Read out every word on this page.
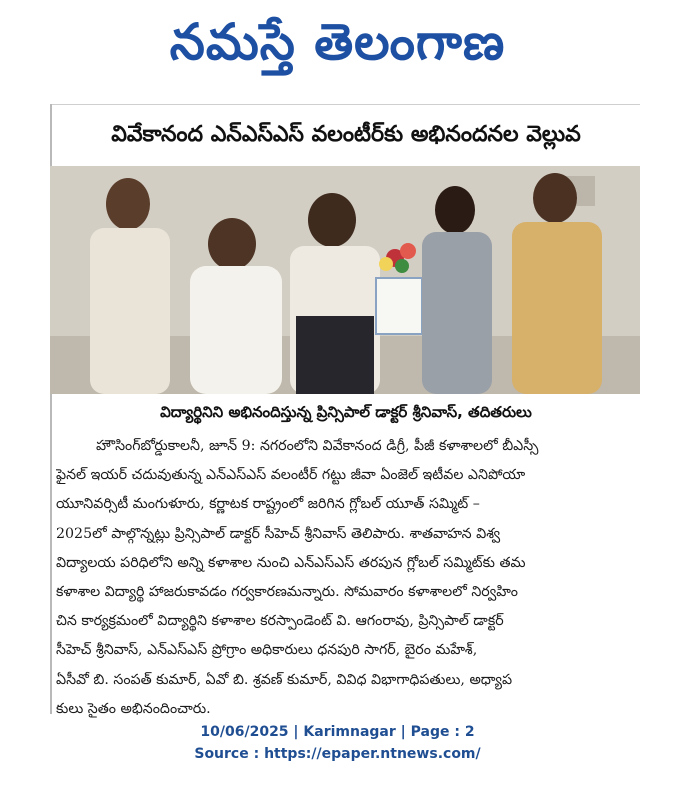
నమస్తే తెలంగాణ
వివేకానంద ఎన్ఎస్ఎస్ వలంటీర్‌కు అభినందనల వెల్లువ
విద్యార్థినిని అభినందిస్తున్న ప్రిన్సిపాల్ డాక్టర్ శ్రీనివాస్, తదితరులు
హౌసింగ్‌బోర్డుకాలనీ, జూన్ 9: నగరంలోని వివేకానంద డిగ్రీ, పీజీ కళాశాలలో బీఎస్సీ
ఫైనల్ ఇయర్ చదువుతున్న ఎన్ఎస్ఎస్ వలంటీర్ గట్టు జీవా ఏంజెల్ ఇటీవల ఎనిపోయా
యూనివర్సిటీ మంగుళూరు, కర్ణాటక రాష్ట్రంలో జరిగిన గ్లోబల్ యూత్ సమ్మిట్ –
2025లో పాల్గొన్నట్లు ప్రిన్సిపాల్ డాక్టర్ సీహెచ్ శ్రీనివాస్ తెలిపారు. శాతవాహన విశ్వ
విద్యాలయ పరిధిలోని అన్ని కళాశాల నుంచి ఎన్ఎస్ఎస్ తరపున గ్లోబల్ సమ్మిట్‌కు తమ
కళాశాల విద్యార్థి హాజరుకావడం గర్వకారణమన్నారు. సోమవారం కళాశాలలో నిర్వహిం
చిన కార్యక్రమంలో విద్యార్థిని కళాశాల కరస్పాండెంట్ వి. ఆగంరావు, ప్రిన్సిపాల్ డాక్టర్
సీహెచ్ శ్రీనివాస్, ఎన్ఎస్ఎస్ ప్రోగ్రాం అధికారులు ధనపురి సాగర్, బైరం మహేశ్,
ఏసీవో బి. సంపత్ కుమార్, ఏవో బి. శ్రవణ్ కుమార్, వివిధ విభాగాధిపతులు, అధ్యాప
కులు సైతం అభినందించారు.
10/06/2025 | Karimnagar | Page : 2
Source : https://epaper.ntnews.com/
